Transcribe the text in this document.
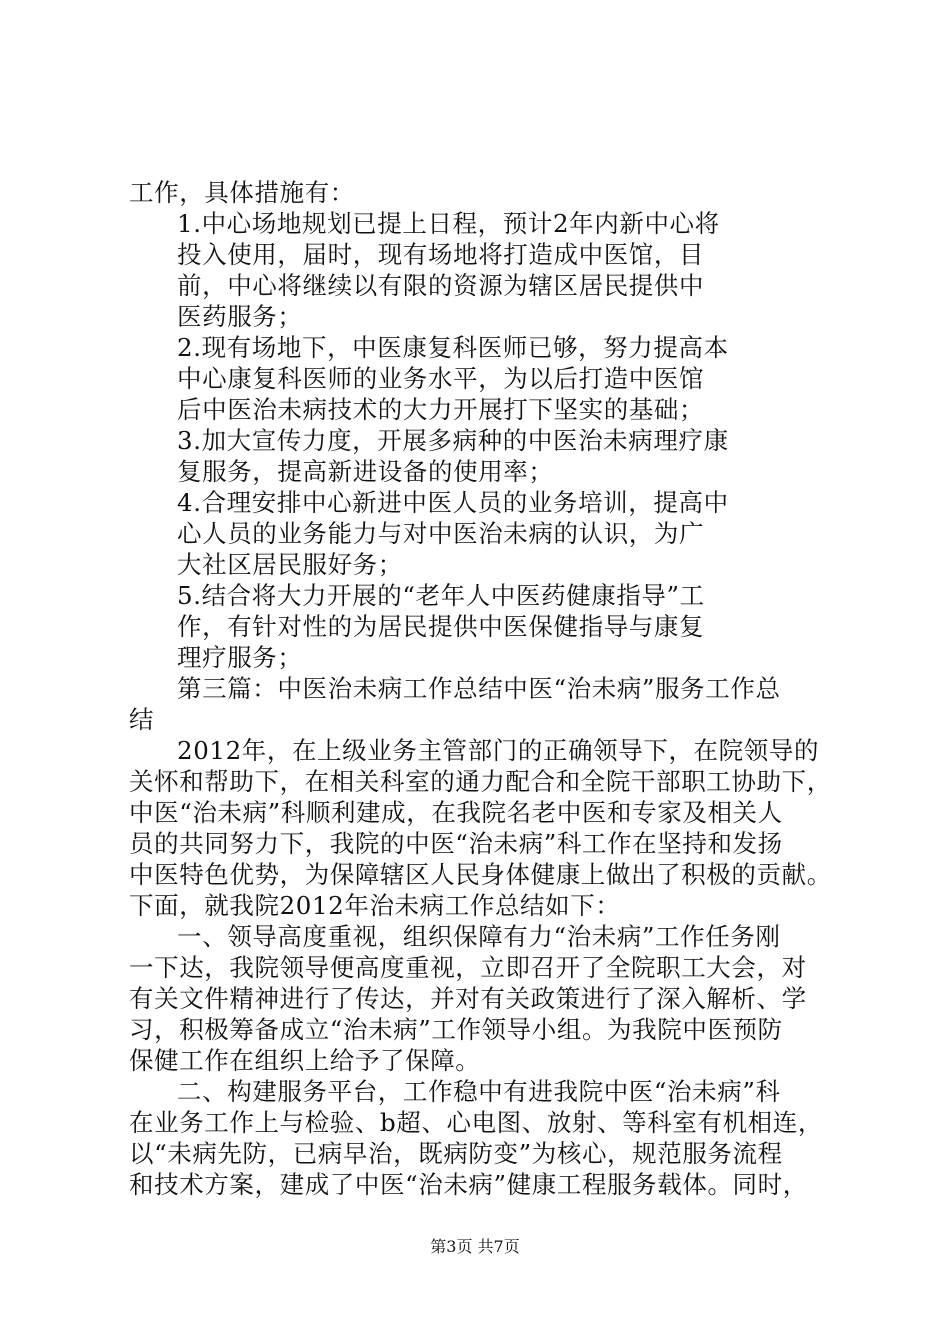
工作，具体措施有：
1.中心场地规划已提上日程，预计2年内新中心将
投入使用，届时，现有场地将打造成中医馆，目
前，中心将继续以有限的资源为辖区居民提供中
医药服务；
2.现有场地下，中医康复科医师已够，努力提高本
中心康复科医师的业务水平，为以后打造中医馆
后中医治未病技术的大力开展打下坚实的基础；
3.加大宣传力度，开展多病种的中医治未病理疗康
复服务，提高新进设备的使用率；
4.合理安排中心新进中医人员的业务培训，提高中
心人员的业务能力与对中医治未病的认识，为广
大社区居民服好务；
5.结合将大力开展的“老年人中医药健康指导”工
作，有针对性的为居民提供中医保健指导与康复
理疗服务；
第三篇：中医治未病工作总结中医“治未病”服务工作总
结
2012年，在上级业务主管部门的正确领导下，在院领导的
关怀和帮助下，在相关科室的通力配合和全院干部职工协助下，
中医“治未病”科顺利建成，在我院名老中医和专家及相关人
员的共同努力下，我院的中医“治未病”科工作在坚持和发扬
中医特色优势，为保障辖区人民身体健康上做出了积极的贡献。
下面，就我院2012年治未病工作总结如下：
一、领导高度重视，组织保障有力“治未病”工作任务刚
一下达，我院领导便高度重视，立即召开了全院职工大会，对
有关文件精神进行了传达，并对有关政策进行了深入解析、学
习，积极筹备成立“治未病”工作领导小组。为我院中医预防
保健工作在组织上给予了保障。
二、构建服务平台，工作稳中有进我院中医“治未病”科
在业务工作上与检验、b超、心电图、放射、等科室有机相连，
以“未病先防，已病早治，既病防变”为核心，规范服务流程
和技术方案，建成了中医“治未病”健康工程服务载体。同时，
第3页 共7页
